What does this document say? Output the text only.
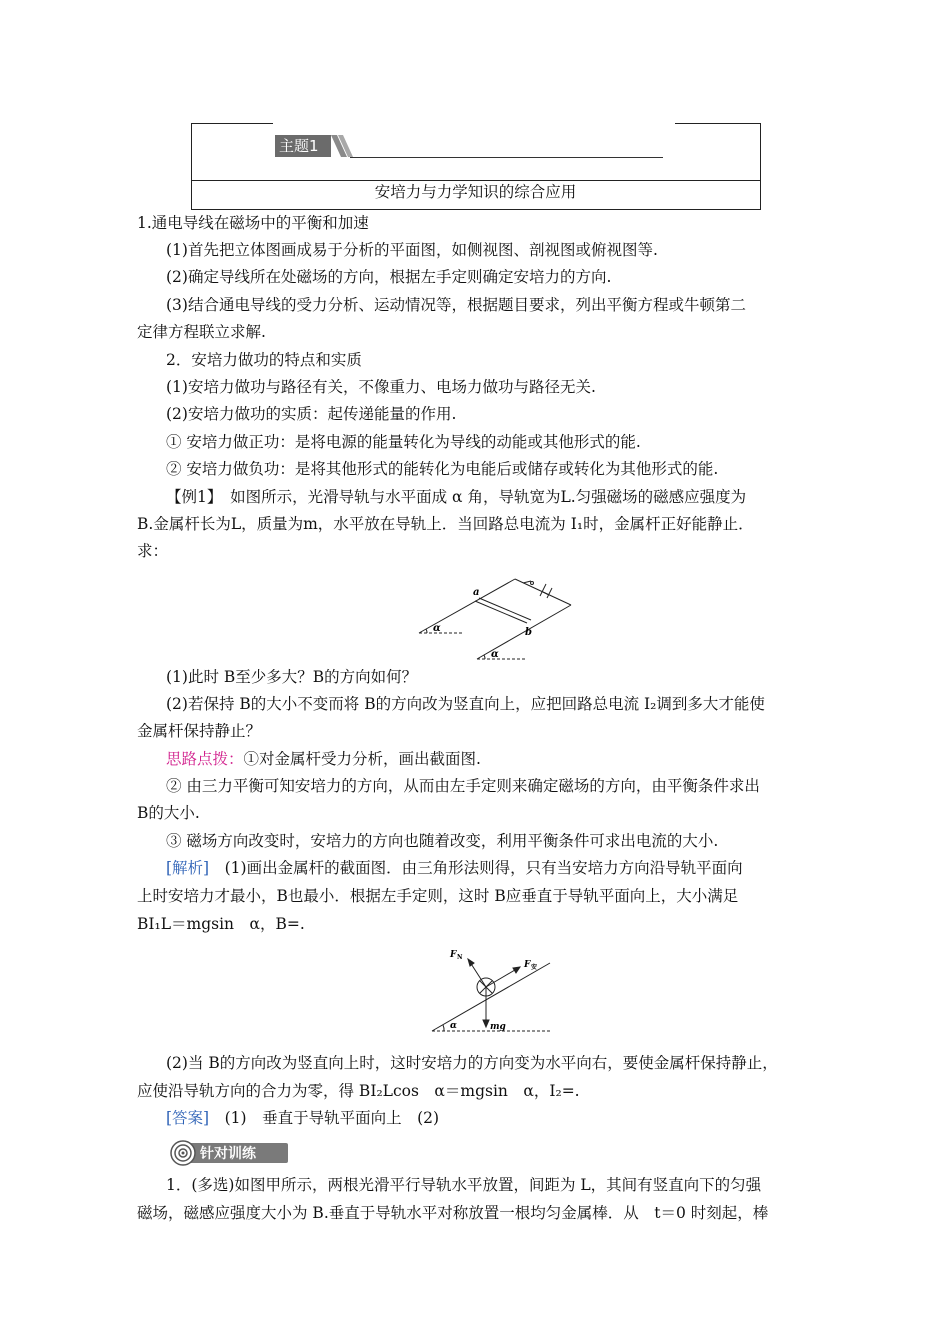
主题1
安培力与力学知识的综合应用
1.通电导线在磁场中的平衡和加速
(1)首先把立体图画成易于分析的平面图，如侧视图、剖视图或俯视图等.
(2)确定导线所在处磁场的方向，根据左手定则确定安培力的方向.
(3)结合通电导线的受力分析、运动情况等，根据题目要求，列出平衡方程或牛顿第二
定律方程联立求解.
2．安培力做功的特点和实质
(1)安培力做功与路径有关，不像重力、电场力做功与路径无关.
(2)安培力做功的实质：起传递能量的作用.
① 安培力做正功：是将电源的能量转化为导线的动能或其他形式的能.
② 安培力做负功：是将其他形式的能转化为电能后或储存或转化为其他形式的能.
【例1】　如图所示，光滑导轨与水平面成 α 角，导轨宽为L.匀强磁场的磁感应强度为
B.金属杆长为L，质量为m，水平放在导轨上．当回路总电流为 I₁时，金属杆正好能静止．
求：
a
b
α
α
(1)此时 B至少多大？B的方向如何？
(2)若保持 B的大小不变而将 B的方向改为竖直向上，应把回路总电流 I₂调到多大才能使
金属杆保持静止？
思路点拨：①对金属杆受力分析，画出截面图.
② 由三力平衡可知安培力的方向，从而由左手定则来确定磁场的方向，由平衡条件求出
B的大小.
③ 磁场方向改变时，安培力的方向也随着改变，利用平衡条件可求出电流的大小.
[解析]　(1)画出金属杆的截面图．由三角形法则得，只有当安培力方向沿导轨平面向
上时安培力才最小，B也最小．根据左手定则，这时 B应垂直于导轨平面向上，大小满足
BI₁L＝mgsin　α，B=.
F N
F 安
mg
α
(2)当 B的方向改为竖直向上时，这时安培力的方向变为水平向右，要使金属杆保持静止，
应使沿导轨方向的合力为零，得 BI₂Lcos　α＝mgsin　α，I₂=.
[答案]　(1)　垂直于导轨平面向上　(2)
针对训练
1．(多选)如图甲所示，两根光滑平行导轨水平放置，间距为 L，其间有竖直向下的匀强
磁场，磁感应强度大小为 B.垂直于导轨水平对称放置一根均匀金属棒．从　t＝0 时刻起，棒
